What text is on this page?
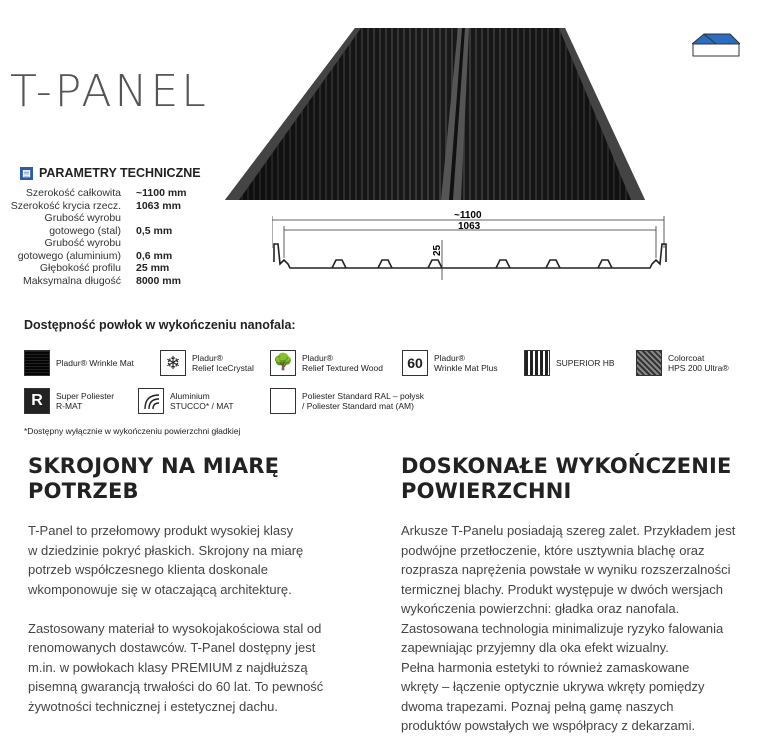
T-PANEL
▤ PARAMETRY TECHNICZNE
Szerokość całkowita ~1100 mm
Szerokość krycia rzecz. 1063 mm
Grubość wyrobu
gotowego (stal) 0,5 mm
Grubość wyrobu
gotowego (aluminium) 0,6 mm
Głębokość profilu 25 mm
Maksymalna długość 8000 mm
~1100
1063
25
Dostępność powłok w wykończeniu nanofala:
Pladur® Wrinkle Mat	❄	Pladur®
Relief IceCrystal 🌳	Pladur®
Relief Textured Wood	60	Pladur®
Wrinkle Mat Plus	SUPERIOR HB	Colorcoat
HPS 200 Ultra®
R	Super Poliester
R-MAT
Aluminium
STUCCO* / MAT
Poliester Standard RAL – połysk
/ Poliester Standard mat (AM)
*Dostępny wyłącznie w wykończeniu powierzchni gładkiej
SKROJONY NA MIARĘ
POTRZEB

T-Panel to przełomowy produkt wysokiej klasy

w dziedzinie pokryć płaskich. Skrojony na miarę

potrzeb współczesnego klienta doskonale

wkomponowuje się w otaczającą architekturę.

Zastosowany materiał to wysokojakościowa stal od

renomowanych dostawców. T-Panel dostępny jest

m.in. w powłokach klasy PREMIUM z najdłuższą

pisemną gwarancją trwałości do 60 lat. To pewność

żywotności technicznej i estetycznej dachu.

DOSKONAŁE WYKOŃCZENIE
POWIERZCHNI

Arkusze T-Panelu posiadają szereg zalet. Przykładem jest

podwójne przetłoczenie, które usztywnia blachę oraz

rozprasza naprężenia powstałe w wyniku rozszerzalności

termicznej blachy. Produkt występuje w dwóch wersjach

wykończenia powierzchni: gładka oraz nanofala.

Zastosowana technologia minimalizuje ryzyko falowania

zapewniając przyjemny dla oka efekt wizualny.

Pełna harmonia estetyki to również zamaskowane

wkręty – łączenie optycznie ukrywa wkręty pomiędzy

dwoma trapezami. Poznaj pełną gamę naszych

produktów powstałych we współpracy z dekarzami.
